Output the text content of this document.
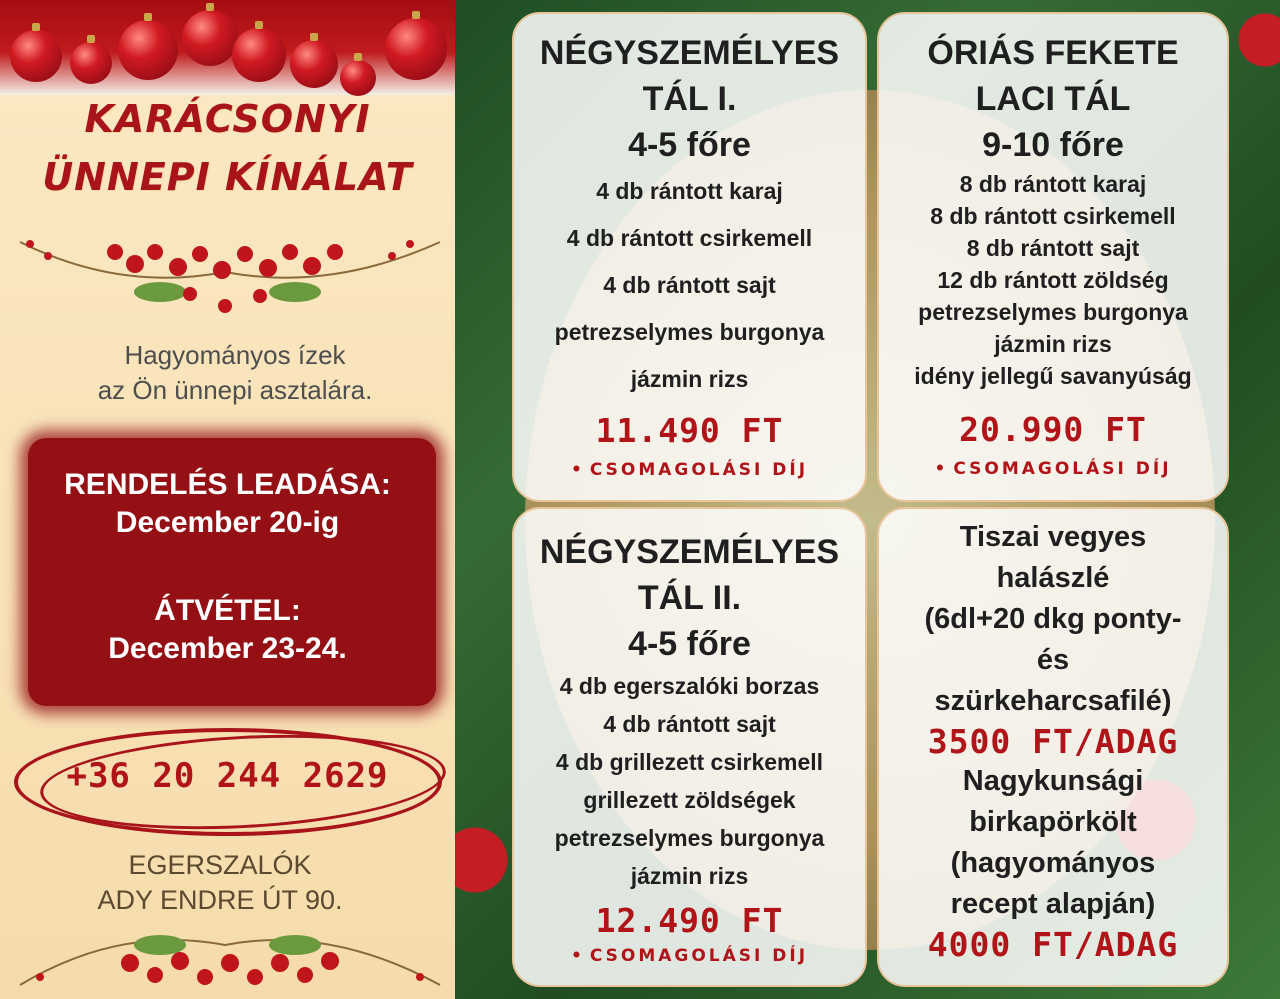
KARÁCSONYI
ÜNNEPI KÍNÁLAT
Hagyományos ízek
az Ön ünnepi asztalára.
RENDELÉS LEADÁSA:
December 20-ig
ÁTVÉTEL:
December 23-24.
+36 20 244 2629
EGERSZALÓK
ADY ENDRE ÚT 90.
NÉGYSZEMÉLYES
TÁL I.
4-5 főre
4 db rántott karaj
4 db rántott csirkemell
4 db rántott sajt
petrezselymes burgonya
jázmin rizs
11.490 FT
• CSOMAGOLÁSI DÍJ
ÓRIÁS FEKETE
LACI TÁL
9-10 főre
8 db rántott karaj
8 db rántott csirkemell
8 db rántott sajt
12 db rántott zöldség
petrezselymes burgonya
jázmin rizs
idény jellegű savanyúság
20.990 FT
• CSOMAGOLÁSI DÍJ
NÉGYSZEMÉLYES
TÁL II.
4-5 főre
4 db egerszalóki borzas
4 db rántott sajt
4 db grillezett csirkemell
grillezett zöldségek
petrezselymes burgonya
jázmin rizs
12.490 FT
• CSOMAGOLÁSI DÍJ
Tiszai vegyes
halászlé
(6dl+20 dkg ponty-
és
szürkeharcsafilé)
3500 FT/ADAG
Nagykunsági
birkapörkölt
(hagyományos
recept alapján)
4000 FT/ADAG
